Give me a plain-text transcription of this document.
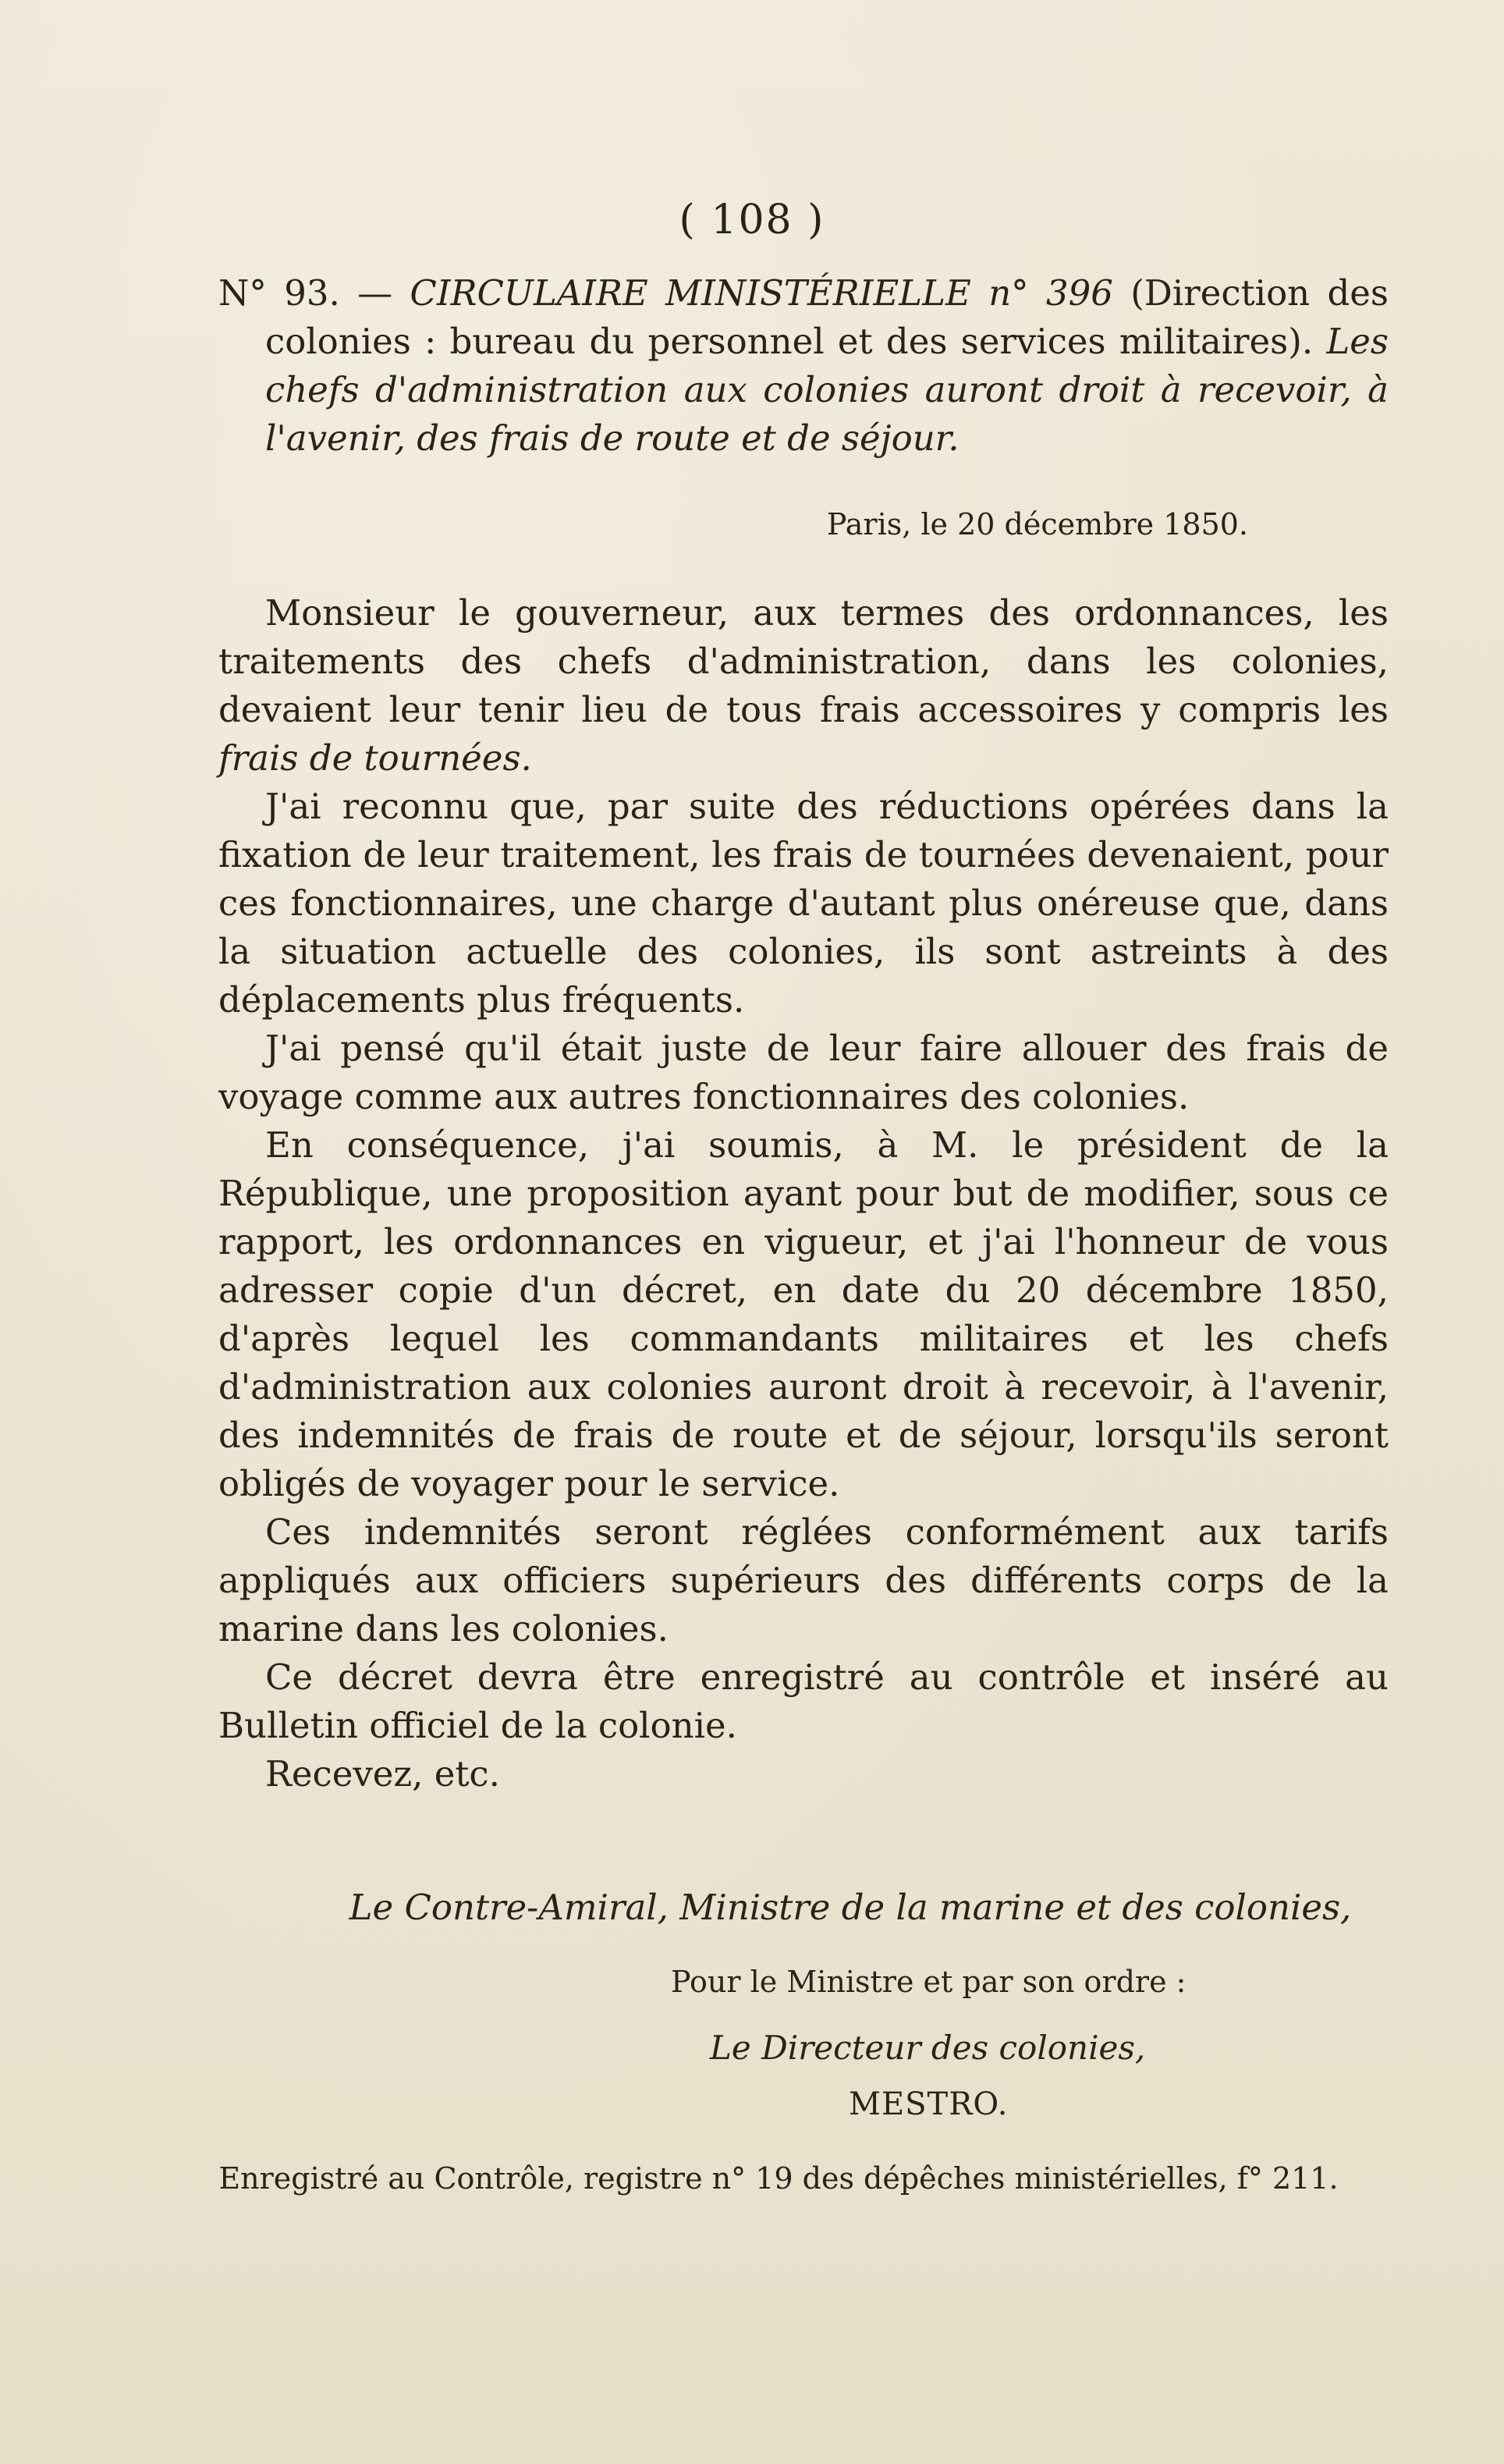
( 108 )
N° 93. — CIRCULAIRE MINISTÉRIELLE n° 396 (Direction des colonies : bureau du personnel et des services militaires). Les chefs d'administration aux colonies auront droit à recevoir, à l'avenir, des frais de route et de séjour.
Paris, le 20 décembre 1850.

Monsieur le gouverneur, aux termes des ordonnances, les traitements des chefs d'administration, dans les colonies, devaient leur tenir lieu de tous frais accessoires y compris les frais de tournées.

J'ai reconnu que, par suite des réductions opérées dans la fixation de leur traitement, les frais de tournées devenaient, pour ces fonctionnaires, une charge d'autant plus onéreuse que, dans la situation actuelle des colonies, ils sont astreints à des déplacements plus fréquents.

J'ai pensé qu'il était juste de leur faire allouer des frais de voyage comme aux autres fonctionnaires des colonies.

En conséquence, j'ai soumis, à M. le président de la République, une proposition ayant pour but de modifier, sous ce rapport, les ordonnances en vigueur, et j'ai l'honneur de vous adresser copie d'un décret, en date du 20 décembre 1850, d'après lequel les commandants militaires et les chefs d'administration aux colonies auront droit à recevoir, à l'avenir, des indemnités de frais de route et de séjour, lorsqu'ils seront obligés de voyager pour le service.

Ces indemnités seront réglées conformément aux tarifs appliqués aux officiers supérieurs des différents corps de la marine dans les colonies.

Ce décret devra être enregistré au contrôle et inséré au Bulletin officiel de la colonie.

Recevez, etc.

Le Contre-Amiral, Ministre de la marine et des colonies,
Pour le Ministre et par son ordre :
Le Directeur des colonies,
MESTRO.
Enregistré au Contrôle, registre n° 19 des dépêches ministérielles, f° 211.
